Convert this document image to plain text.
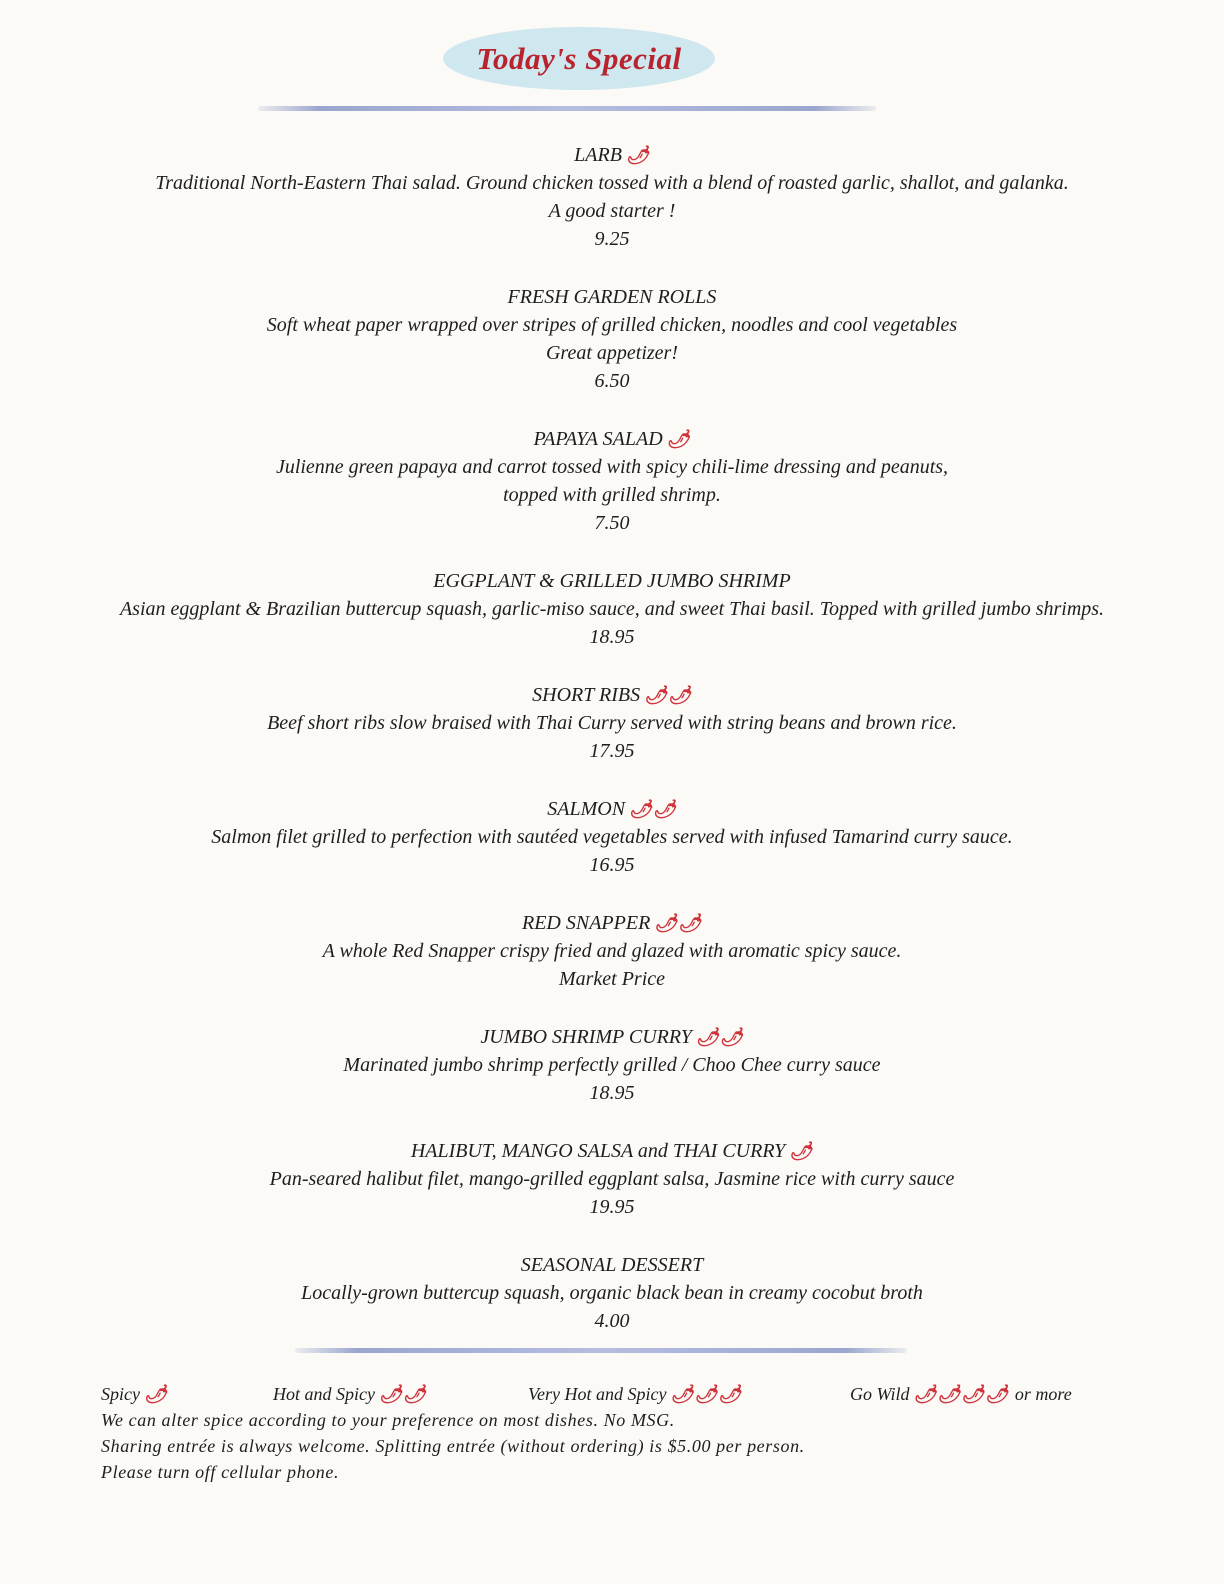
Today's Special
LARB 🌶
Traditional North-Eastern Thai salad. Ground chicken tossed with a blend of roasted garlic, shallot, and galanka.
A good starter !
9.25
FRESH GARDEN ROLLS
Soft wheat paper wrapped over stripes of grilled chicken, noodles and cool vegetables
Great appetizer!
6.50
PAPAYA SALAD 🌶
Julienne green papaya and carrot tossed with spicy chili-lime dressing and peanuts,
topped with grilled shrimp.
7.50
EGGPLANT & GRILLED JUMBO SHRIMP
Asian eggplant & Brazilian buttercup squash, garlic-miso sauce, and sweet Thai basil. Topped with grilled jumbo shrimps.
18.95
SHORT RIBS 🌶🌶
Beef short ribs slow braised with Thai Curry served with string beans and brown rice.
17.95
SALMON 🌶🌶
Salmon filet grilled to perfection with sautéed vegetables served with infused Tamarind curry sauce.
16.95
RED SNAPPER 🌶🌶
A whole Red Snapper crispy fried and glazed with aromatic spicy sauce.
Market Price
JUMBO SHRIMP CURRY 🌶🌶
Marinated jumbo shrimp perfectly grilled / Choo Chee curry sauce
18.95
HALIBUT, MANGO SALSA and THAI CURRY 🌶
Pan-seared halibut filet, mango-grilled eggplant salsa, Jasmine rice with curry sauce
19.95
SEASONAL DESSERT
Locally-grown buttercup squash, organic black bean in creamy cocobut broth
4.00
Spicy 🌶	Hot and Spicy 🌶🌶	Very Hot and Spicy 🌶🌶🌶	Go Wild 🌶🌶🌶🌶 or more
We can alter spice according to your preference on most dishes. No MSG.
Sharing entrée is always welcome. Splitting entrée (without ordering) is $5.00 per person.
Please turn off cellular phone.
